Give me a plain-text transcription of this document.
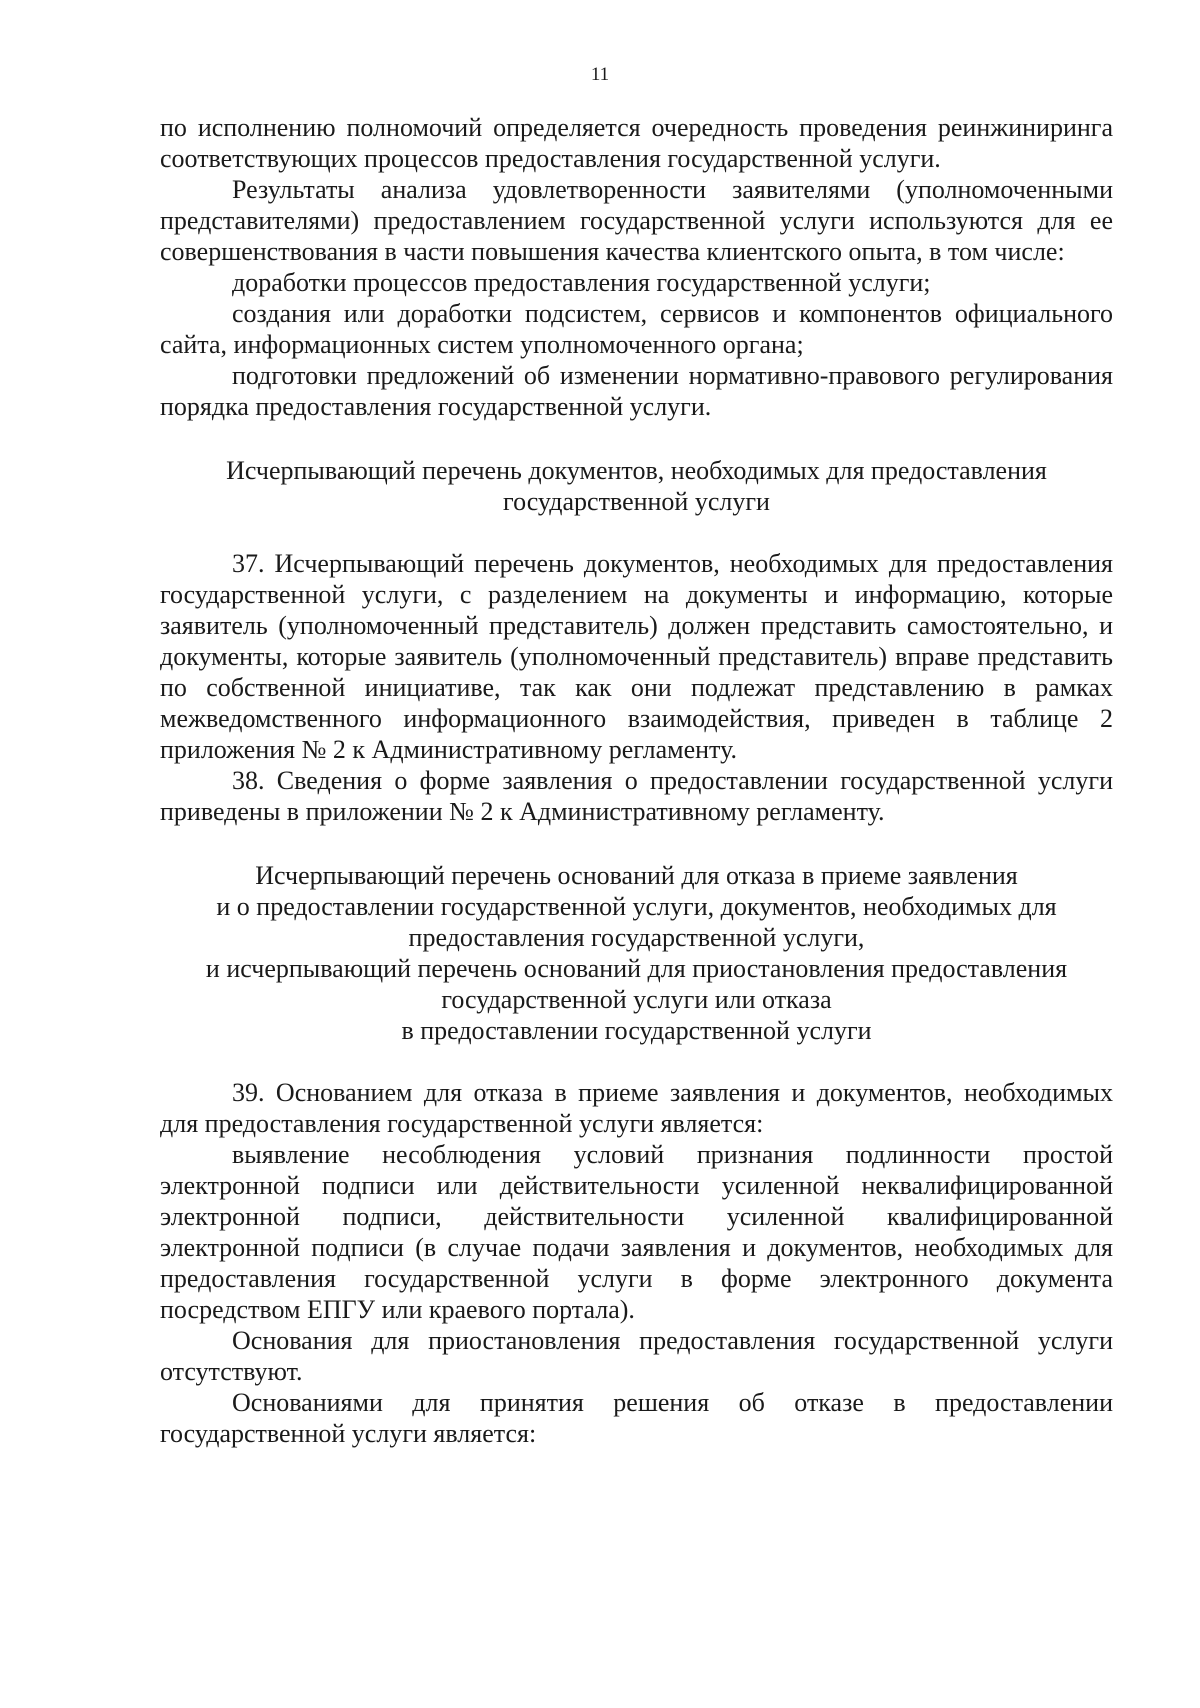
11

по исполнению полномочий определяется очередность проведения реинжиниринга соответствующих процессов предоставления государственной услуги.

Результаты анализа удовлетворенности заявителями (уполномоченными представителями) предоставлением государственной услуги используются для ее совершенствования в части повышения качества клиентского опыта, в том числе:

доработки процессов предоставления государственной услуги;

создания или доработки подсистем, сервисов и компонентов официального сайта, информационных систем уполномоченного органа;

подготовки предложений об изменении нормативно-правового регулирования порядка предоставления государственной услуги.

Исчерпывающий перечень документов, необходимых для предоставления
государственной услуги

37. Исчерпывающий перечень документов, необходимых для предоставления государственной услуги, с разделением на документы и информацию, которые заявитель (уполномоченный представитель) должен представить самостоятельно, и документы, которые заявитель (уполномоченный представитель) вправе представить по собственной инициативе, так как они подлежат представлению в рамках межведомственного информационного взаимодействия, приведен в таблице 2 приложения № 2 к Административному регламенту.

38. Сведения о форме заявления о предоставлении государственной услуги приведены в приложении № 2 к Административному регламенту.

Исчерпывающий перечень оснований для отказа в приеме заявления
и о предоставлении государственной услуги, документов, необходимых для
предоставления государственной услуги,
и исчерпывающий перечень оснований для приостановления предоставления
государственной услуги или отказа
в предоставлении государственной услуги

39. Основанием для отказа в приеме заявления и документов, необходимых для предоставления государственной услуги является:

выявление несоблюдения условий признания подлинности простой электронной подписи или действительности усиленной неквалифицированной электронной подписи, действительности усиленной квалифицированной электронной подписи (в случае подачи заявления и документов, необходимых для предоставления государственной услуги в форме электронного документа посредством ЕПГУ или краевого портала).

Основания для приостановления предоставления государственной услуги отсутствуют.

Основаниями для принятия решения об отказе в предоставлении государственной услуги является:
